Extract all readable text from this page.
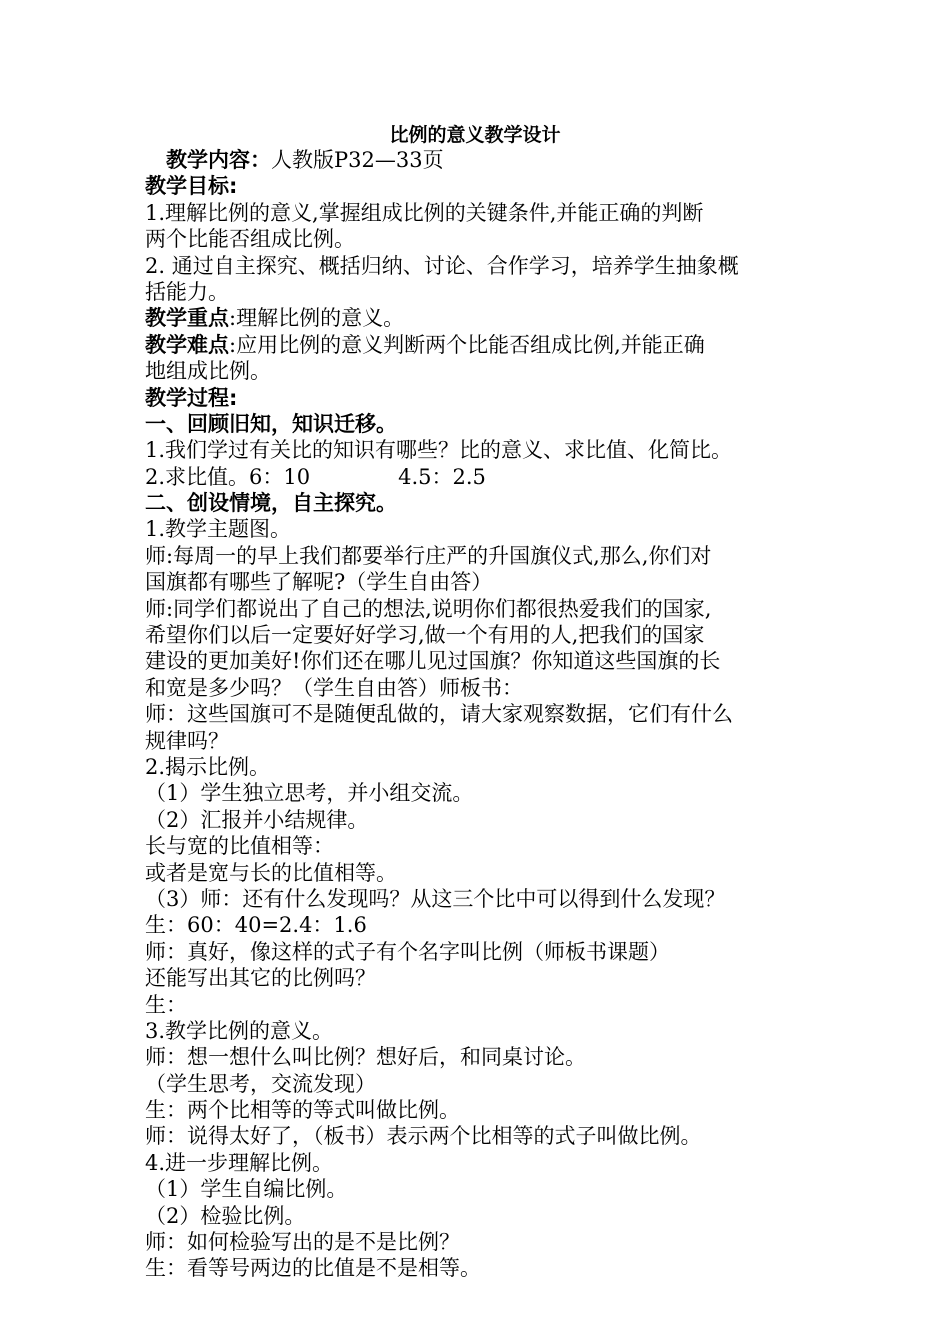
比例的意义教学设计
教学内容：人教版P32—33页
教学目标:
1.理解比例的意义,掌握组成比例的关键条件,并能正确的判断
两个比能否组成比例。
2. 通过自主探究、概括归纳、讨论、合作学习，培养学生抽象概
括能力。
教学重点:理解比例的意义。
教学难点:应用比例的意义判断两个比能否组成比例,并能正确
地组成比例。
教学过程:
一、回顾旧知，知识迁移。
1.我们学过有关比的知识有哪些？比的意义、求比值、化简比。
2.求比值。6：10	4.5：2.5
二、创设情境，自主探究。
1.教学主题图。
师:每周一的早上我们都要举行庄严的升国旗仪式,那么,你们对
国旗都有哪些了解呢?（学生自由答）
师:同学们都说出了自己的想法,说明你们都很热爱我们的国家,
希望你们以后一定要好好学习,做一个有用的人,把我们的国家
建设的更加美好!你们还在哪儿见过国旗？你知道这些国旗的长
和宽是多少吗？（学生自由答）师板书：
师：这些国旗可不是随便乱做的，请大家观察数据，它们有什么
规律吗？
2.揭示比例。
（1）学生独立思考，并小组交流。
（2）汇报并小结规律。
长与宽的比值相等：
或者是宽与长的比值相等。
（3）师：还有什么发现吗？从这三个比中可以得到什么发现？
生：60：40=2.4：1.6
师：真好，像这样的式子有个名字叫比例（师板书课题）
还能写出其它的比例吗？
生：
3.教学比例的意义。
师：想一想什么叫比例？想好后，和同桌讨论。
（学生思考，交流发现）
生：两个比相等的等式叫做比例。
师：说得太好了，（板书）表示两个比相等的式子叫做比例。
4.进一步理解比例。
（1）学生自编比例。
（2）检验比例。
师：如何检验写出的是不是比例？
生：看等号两边的比值是不是相等。
